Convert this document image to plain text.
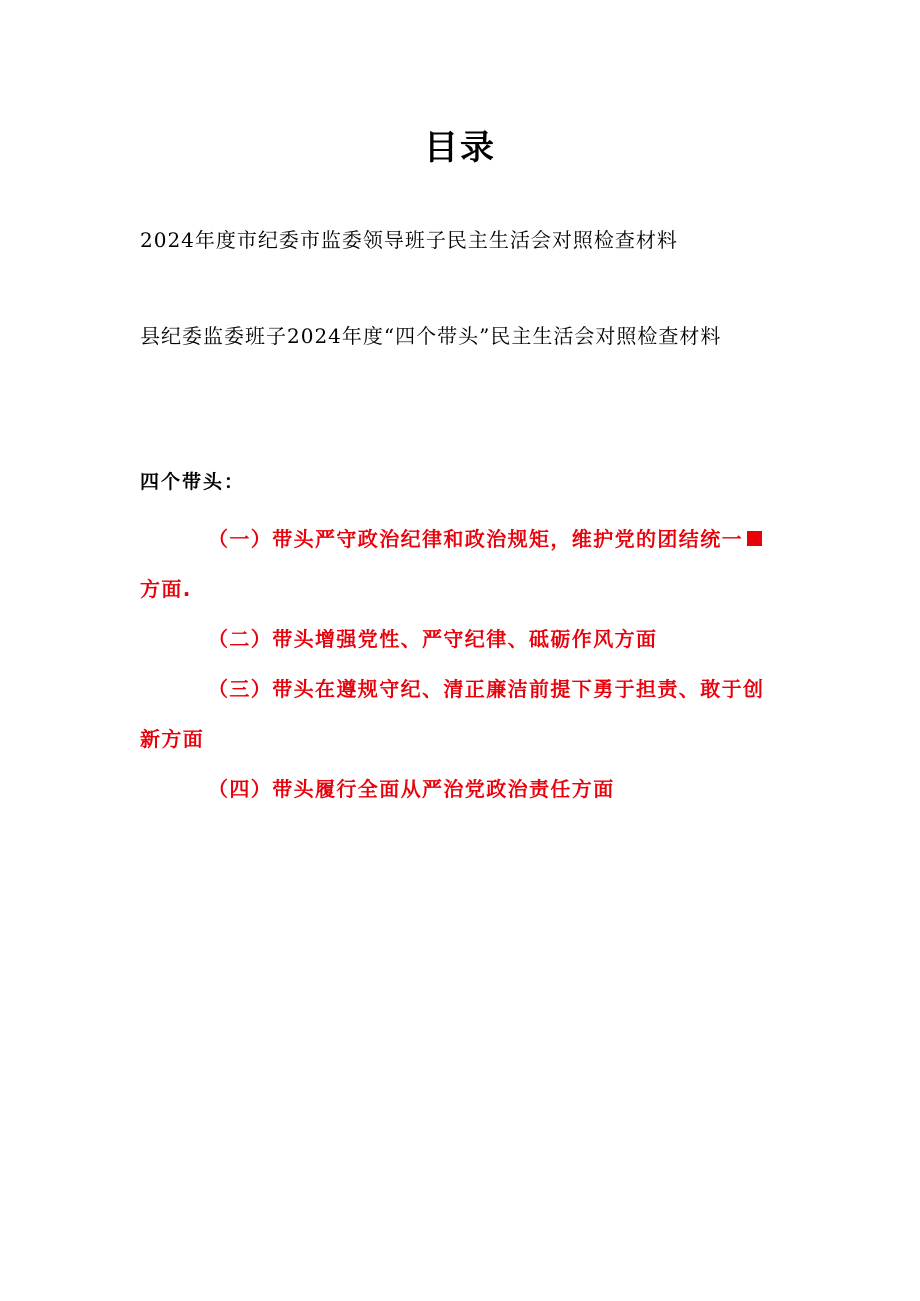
目录
2024年度市纪委市监委领导班子民主生活会对照检查材料
县纪委监委班子2024年度“四个带头”民主生活会对照检查材料
四个带头：

（一）带头严守政治纪律和政治规矩，维护党的团结统一
方面.

（二）带头增强党性、严守纪律、砥砺作风方面

（三）带头在遵规守纪、清正廉洁前提下勇于担责、敢于创新方面

（四）带头履行全面从严治党政治责任方面
